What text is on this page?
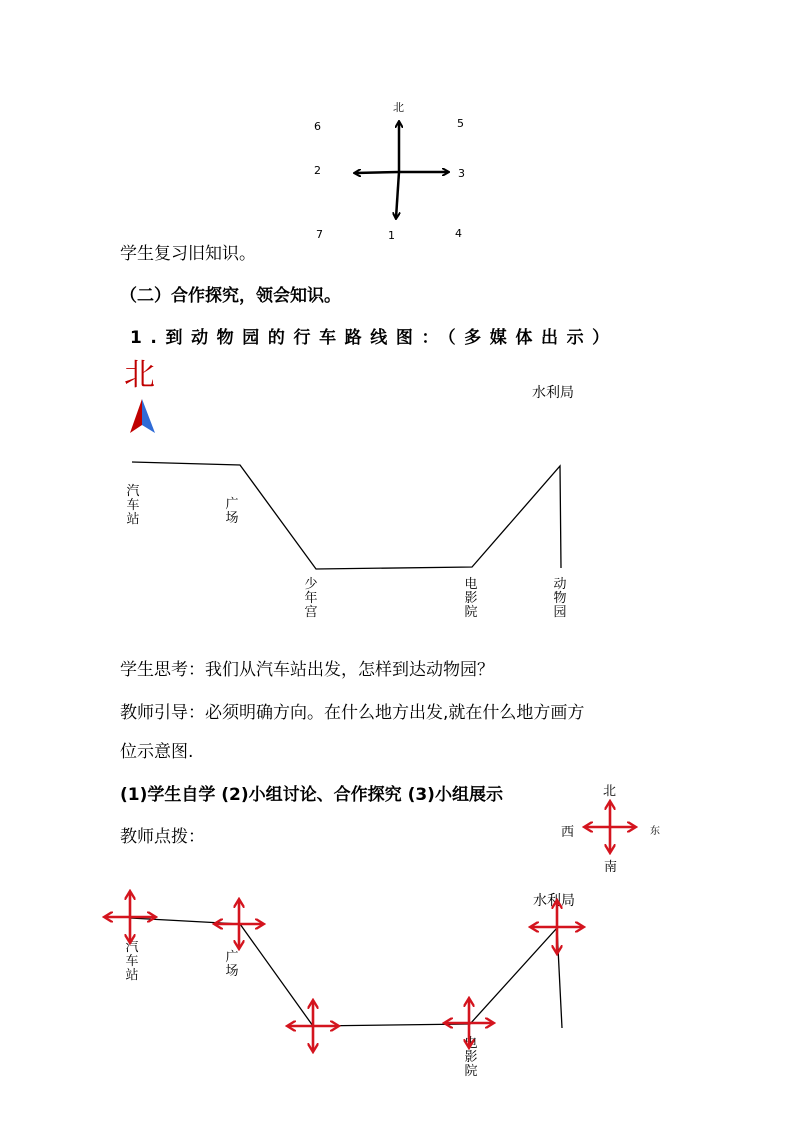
北
6	5
2	3
7	1	4
学生复习旧知识。
（二）合作探究，领会知识。
1.到动物园的行车路线图：（多媒体出示）
北	水利局
汽
车
站
广
场
少
年
宫
电
影
院
动
物
园
学生思考：我们从汽车站出发，怎样到达动物园？
教师引导：必须明确方向。在什么地方出发,就在什么地方画方
位示意图.
(1)学生自学 (2)小组讨论、合作探究 (3)小组展示
教师点拨：
北
西	东
南
水利局
汽
车
站
广
场
电
影
院
